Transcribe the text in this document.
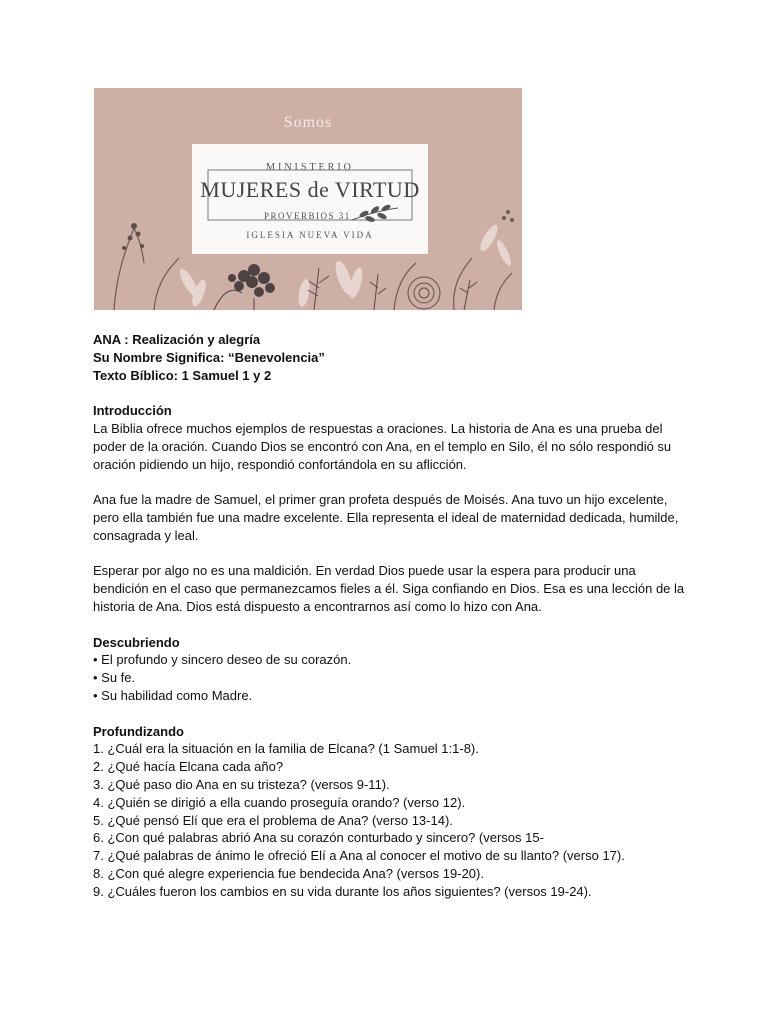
Somos
MINISTERIO
MUJERES de VIRTUD
PROVERBIOS 31
IGLESIA NUEVA VIDA

ANA : Realización y alegría

Su Nombre Significa: “Benevolencia”

Texto Bíblico: 1 Samuel 1 y 2

Introducción

La Biblia ofrece muchos ejemplos de respuestas a oraciones. La historia de Ana es una prueba del poder de la oración. Cuando Dios se encontró con Ana, en el templo en Silo, él no sólo respondió su oración pidiendo un hijo, respondió confortándola en su aflicción.

Ana fue la madre de Samuel, el primer gran profeta después de Moisés. Ana tuvo un hijo excelente, pero ella también fue una madre excelente. Ella representa el ideal de maternidad dedicada, humilde, consagrada y leal.

Esperar por algo no es una maldición. En verdad Dios puede usar la espera para producir una bendición en el caso que permanezcamos fieles a él. Siga confiando en Dios. Esa es una lección de la historia de Ana. Dios está dispuesto a encontrarnos así como lo hizo con Ana.

Descubriendo

• El profundo y sincero deseo de su corazón.

• Su fe.

• Su habilidad como Madre.

Profundizando

1. ¿Cuál era la situación en la familia de Elcana? (1 Samuel 1:1-8).

2. ¿Qué hacía Elcana cada año?

3. ¿Qué paso dio Ana en su tristeza? (versos 9-11).

4. ¿Quién se dirigió a ella cuando proseguía orando? (verso 12).

5. ¿Qué pensó Elí que era el problema de Ana? (verso 13-14).

6. ¿Con qué palabras abrió Ana su corazón conturbado y sincero? (versos 15-

7. ¿Qué palabras de ánimo le ofreció Elí a Ana al conocer el motivo de su llanto? (verso 17).

8. ¿Con qué alegre experiencia fue bendecida Ana? (versos 19-20).

9. ¿Cuáles fueron los cambios en su vida durante los años siguientes? (versos 19-24).
